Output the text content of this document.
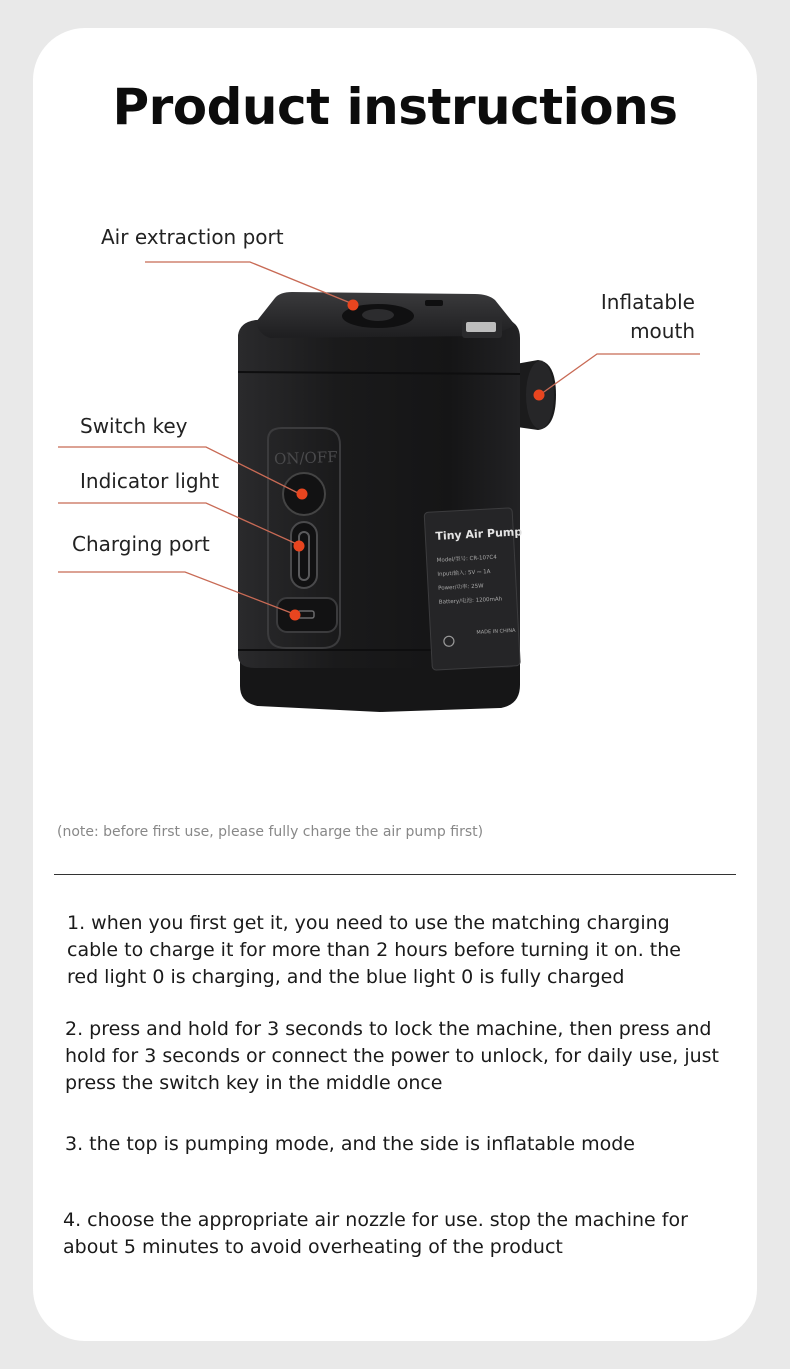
Product instructions
ON/OFF
Tiny Air Pump
Model/型号: CR-107C4
Input/输入: 5V ⎓ 1A
Power/功率: 25W
Battery/电池: 1200mAh
MADE IN CHINA
Air extraction port
Inflatable
mouth
Switch key
Indicator light
Charging port
(note: before first use, please fully charge the air pump first)
1. when you first get it, you need to use the matching charging cable to charge it for more than 2 hours before turning it on. the red light 0 is charging, and the blue light 0 is fully charged
2. press and hold for 3 seconds to lock the machine, then press and hold for 3 seconds or connect the power to unlock, for daily use, just press the switch key in the middle once
3. the top is pumping mode, and the side is inflatable mode
4. choose the appropriate air nozzle for use. stop the machine for about 5 minutes to avoid overheating of the product
